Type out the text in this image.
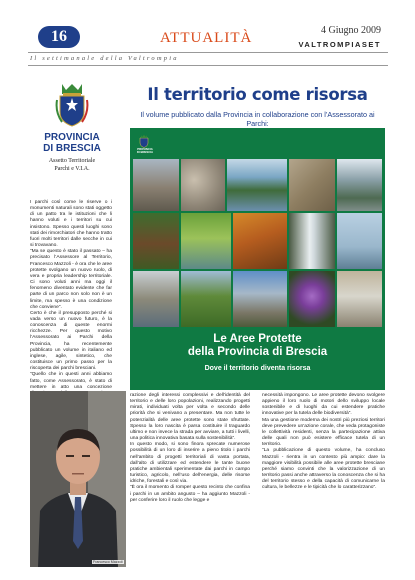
16	ATTUALITÀ	4 Giugno 2009
VALTROMPIASET
Il settimanale della Valtrompia
PROVINCIA
DI BRESCIA
Assetto Territoriale
Parchi e V.I.A.
Il territorio come risorsa
Il volume pubblicato dalla Provincia in collaborazione con l’Assessorato ai Parchi:

I parchi così come le riserve o i monumenti naturali sono stati oggetto di un patto tra le istituzioni che li hanno voluti e i territori su cui insistono. Spesso questi luoghi sono stati dei rimorchiatori che hanno tratto fuori molti territori dalle secche in cui si trovavano.

“Ma se questo è stato il passato – ha precisato l’Assessore al Territorio, Francesco Mazzoli - è ora che le aree protette svolgano un nuovo ruolo, di vera e propria leadership territoriale. Ci sono voluti anni ma oggi il fenomeno diventato evidente che far parte di un parco non solo non è un limite, ma spesso è una condizione che conviene”.

Certo è che il presupposto perché si vada verso un nuovo futuro, è la conoscenza di queste enormi ricchezze. Per questo motivo l’Assessorato ai Parchi della Provincia, ha recentemente pubblicato un volume in italiano ed inglese, agile, sintetico, che costituisce un primo passo per la riscoperta dei parchi bresciani.

“Quello che in questi anni abbiamo fatto, come Assessorato, è stato di mettere in atto una concezione

PROVINCIA
DI BRESCIA
Le Aree Protette
della Provincia di Brescia
Dove il territorio diventa risorsa
Francesco Mazzoli

razione degli interessi complessivi e dell’identità del territorio e delle loro popolazioni, realizzando progetti mirati, individuati volta per volta e secondo delle priorità che si venivano a presentare. Ma non tutte le potenzialità delle aree protette sono state sfruttate. Spesso la loro nascita è parsa costituire il traguardo ultimo e non invece la strada per avviare, a tutti i livelli, una politica innovativa basata sulla sostenibilità”.

In questo modo, si sono finora sprecate numerose possibilità di un loro di inserire a pieno titolo i parchi nell’ambito di progetti territoriali di vasta portata, dall’alto di utilizzare ed estendere le tante buone pratiche ambientali sperimentate dai parchi in campo turistico, agricolo, nell’uso dell’energia, delle risorse idriche, forestali e così via.

“È ora il momento di romper questo recinto che confina i parchi in un ambito angusto – ha aggiunto Mazzoli - per conferire loro il ruolo che legge e

necessità impongono. Le aree protette devono svolgere appieno il loro ruolo di motori dello sviluppo locale sostenibile e di luoghi da cui estendere pratiche innovative per la tutela delle biodiversità”.

Ma una gestione moderna dei nostri più preziosi territori deve prevedere un’azione corale, che veda protagoniste le collettività residenti, senza la partecipazione attiva delle quali non può esistere efficace tutela di un territorio.

“La pubblicazione di questo volume, ha concluso Mazzoli - rientra in un contesto più ampio: dare la maggiore visibilità possibile alle aree protette bresciane perché siamo convinti che la valorizzazione di un territorio passi anche attraverso la conoscenza che si ha del territorio stesso e della capacità di comunicarne la cultura, le bellezze e le tipicità che lo caratterizzano”.
